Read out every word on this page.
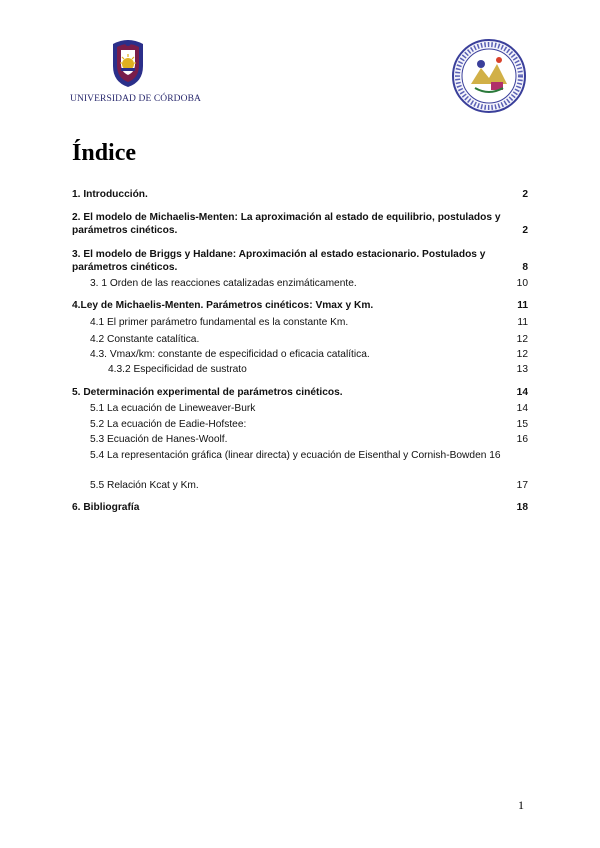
UNIVERSIDAD DE CÓRDOBA
Índice
1. Introducción.	2
2. El modelo de Michaelis-Menten: La aproximación al estado de equilibrio, postulados y parámetros cinéticos.	2
3. El modelo de Briggs y Haldane: Aproximación al estado estacionario. Postulados y parámetros cinéticos.	8
3. 1 Orden de las reacciones catalizadas enzimáticamente.	10
4.Ley de Michaelis-Menten. Parámetros cinéticos: Vmax y Km.	11
4.1 El primer parámetro fundamental es la constante Km.	11
4.2 Constante catalítica.	12
4.3. Vmax/km: constante de especificidad o eficacia catalítica.	12
4.3.2 Especificidad de sustrato	13
5. Determinación experimental de parámetros cinéticos.	14
5.1 La ecuación de Lineweaver-Burk	14
5.2 La ecuación de Eadie-Hofstee:	15
5.3 Ecuación de Hanes-Woolf.	16
5.4 La representación gráfica (linear directa) y ecuación de Eisenthal y Cornish-Bowden 16
5.5 Relación Kcat y Km.	17
6. Bibliografía	18
1
